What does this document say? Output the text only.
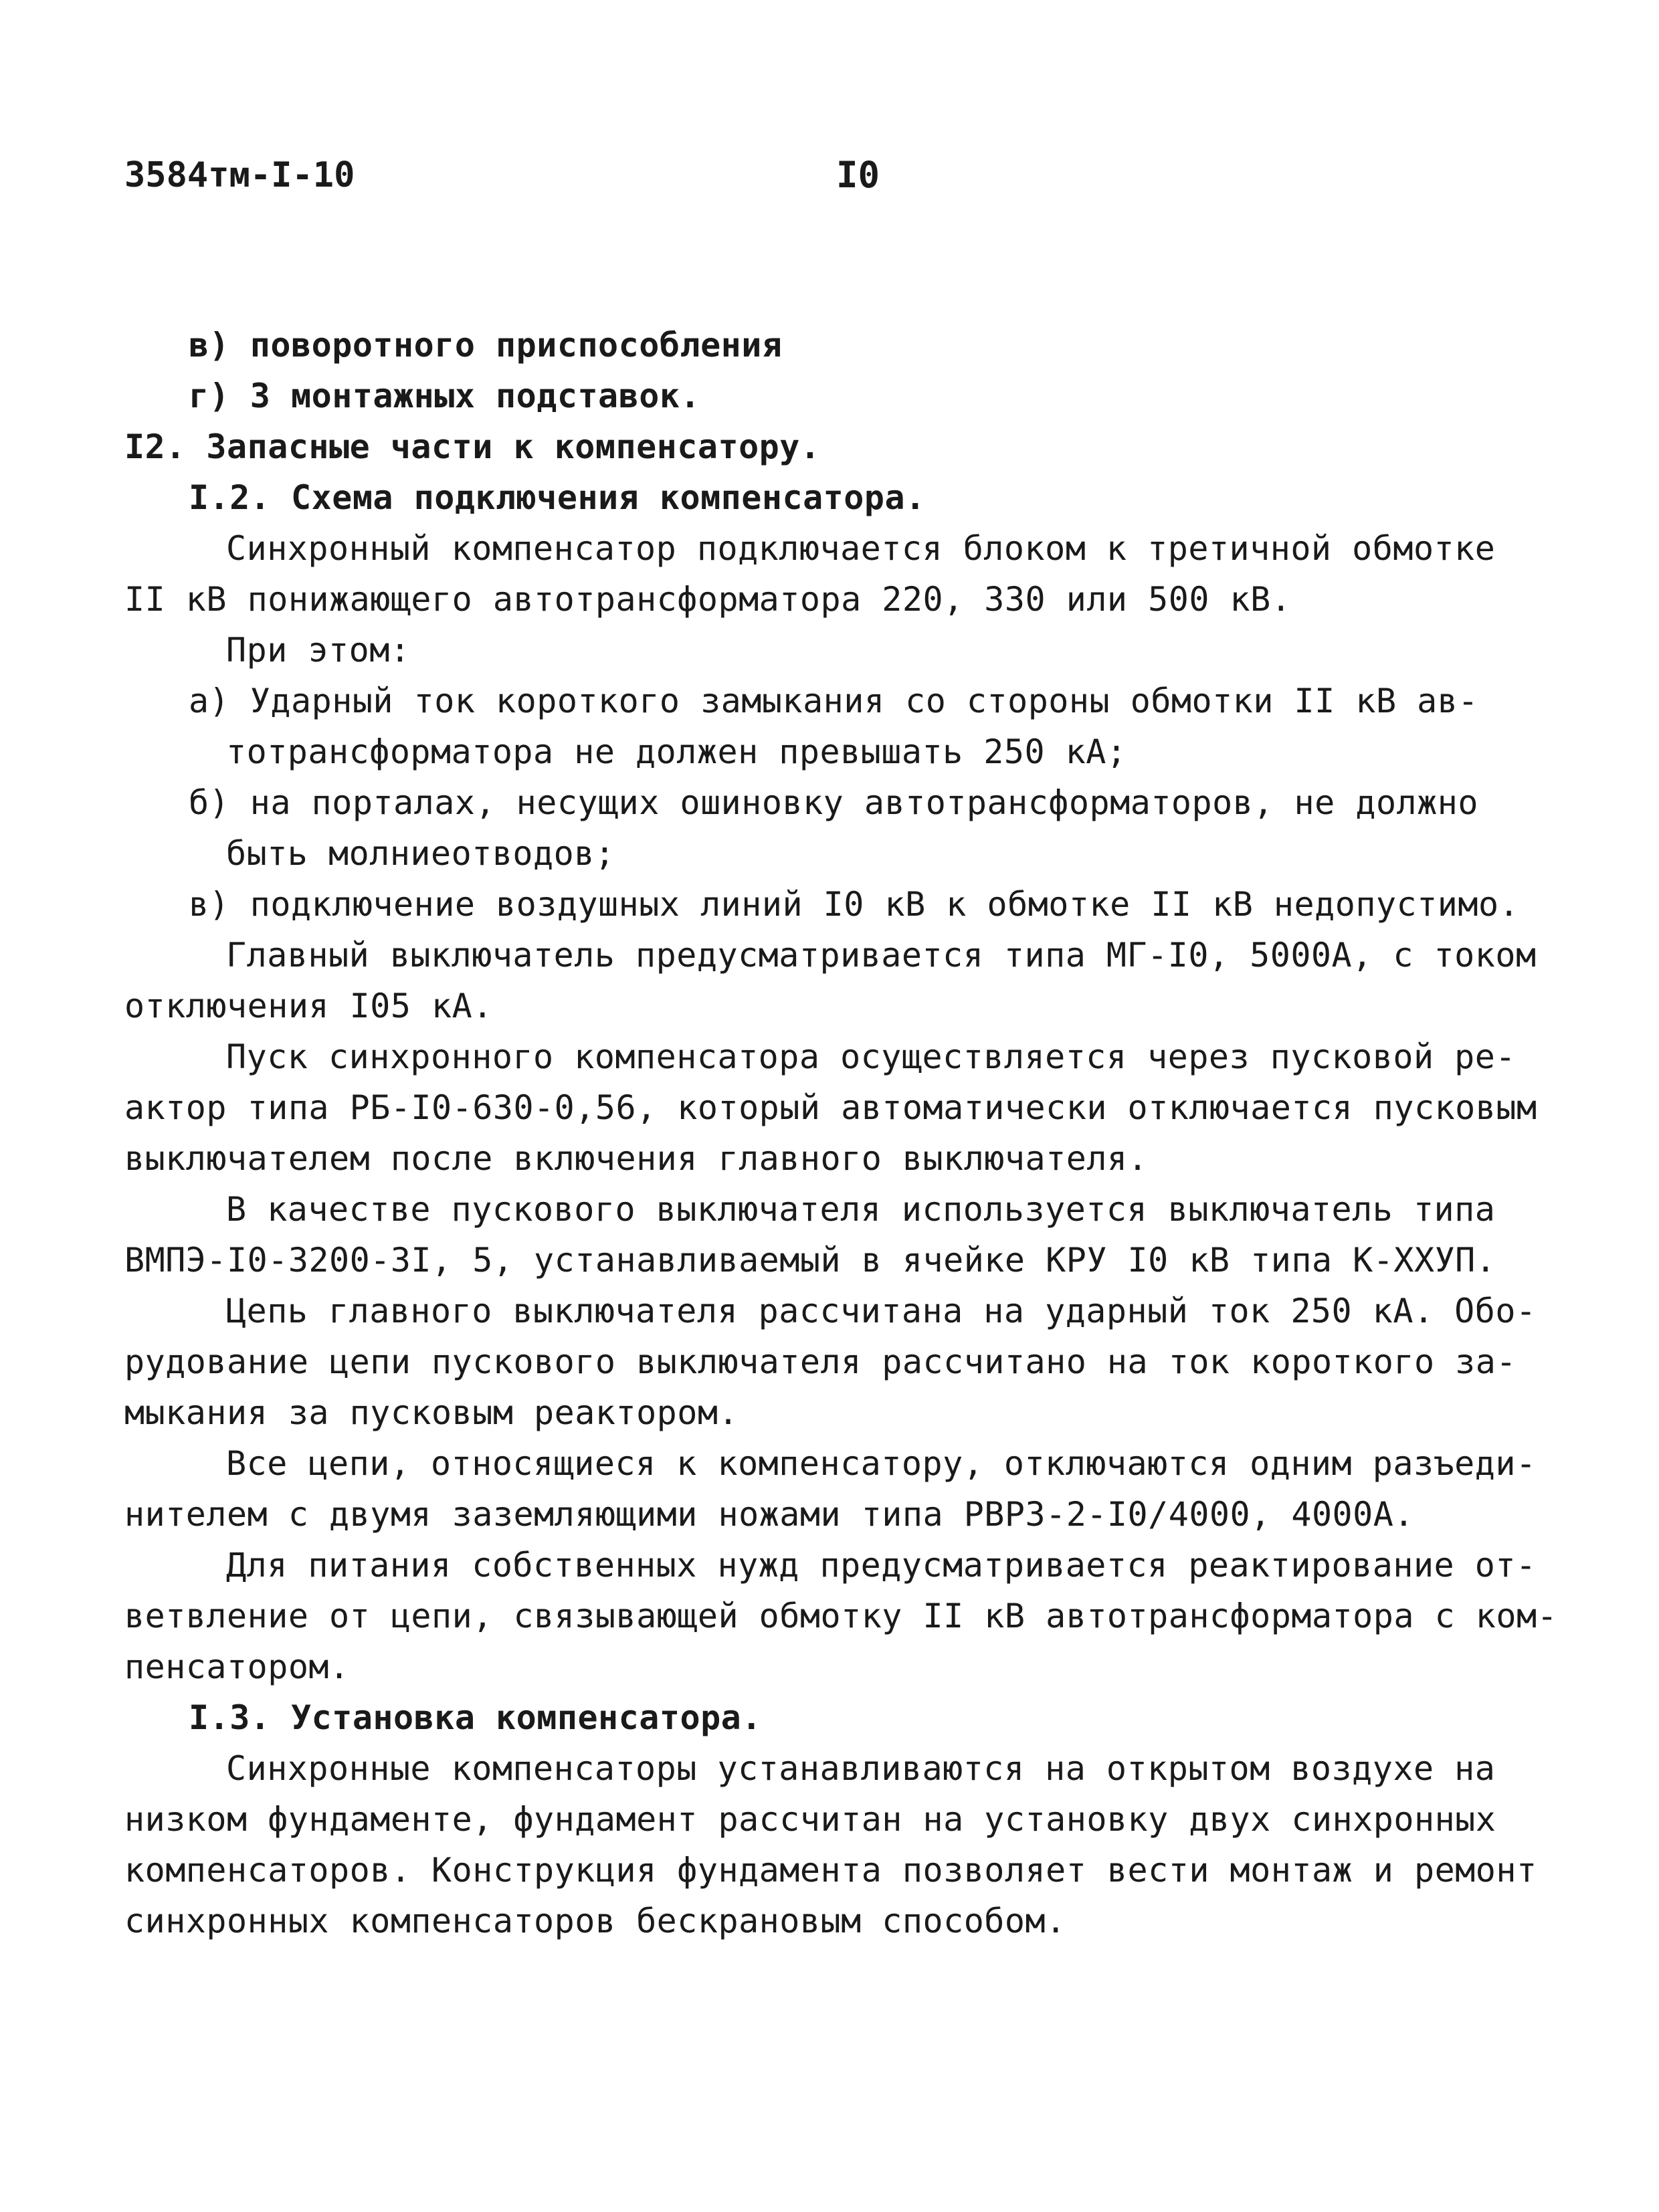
3584тм-I-10	I0
в) поворотного приспособления
г) 3 монтажных подставок.
I2. Запасные части к компенсатору.
I.2. Схема подключения компенсатора.
Синхронный компенсатор подключается блоком к третичной обмотке
II кВ понижающего автотрансформатора 220, 330 или 500 кВ.
При этом:
а) Ударный ток короткого замыкания со стороны обмотки II кВ ав-
тотрансформатора не должен превышать 250 кА;
б) на порталах, несущих ошиновку автотрансформаторов, не должно
быть молниеотводов;
в) подключение воздушных линий I0 кВ к обмотке II кВ недопустимо.
Главный выключатель предусматривается типа МГ-I0, 5000А, с током
отключения I05 кА.
Пуск синхронного компенсатора осуществляется через пусковой ре-
актор типа РБ-I0-630-0,56, который автоматически отключается пусковым
выключателем после включения главного выключателя.
В качестве пускового выключателя используется выключатель типа
ВМПЭ-I0-3200-3I, 5, устанавливаемый в ячейке КРУ I0 кВ типа К-XXУП.
Цепь главного выключателя рассчитана на ударный ток 250 кА. Обо-
рудование цепи пускового выключателя рассчитано на ток короткого за-
мыкания за пусковым реактором.
Все цепи, относящиеся к компенсатору, отключаются одним разъеди-
нителем с двумя заземляющими ножами типа РВРЗ-2-I0/4000, 4000А.
Для питания собственных нужд предусматривается реактирование от-
ветвление от цепи, связывающей обмотку II кВ автотрансформатора с ком-
пенсатором.
I.3. Установка компенсатора.
Синхронные компенсаторы устанавливаются на открытом воздухе на
низком фундаменте, фундамент рассчитан на установку двух синхронных
компенсаторов. Конструкция фундамента позволяет вести монтаж и ремонт
синхронных компенсаторов бескрановым способом.
